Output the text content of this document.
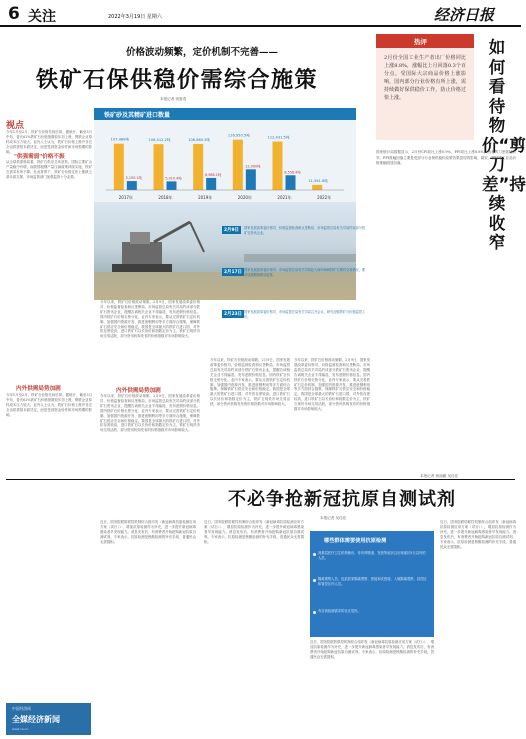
6 关注	2022年3月19日 星期六	经济日报
价格波动频繁，定价机制不完善——
铁矿石保供稳价需综合施策
本报记者 祝惠春
视点
今年1月至2月，铁矿石价格先扬后抑。据统计，截至3月中旬，普氏62%铁矿石价格指数较年初上涨，钢铁企业原料成本压力较大。业内人士认为，铁矿石价格上涨并非完全由供需基本面决定，而是受到资金炒作和市场预期的影响。
"供强需弱"价格不振
从全球供需格局看，铁矿石供应总体宽松。国际主要矿山产量稳中有增，而我国粗钢产量压减政策持续实施，铁矿石需求有所下降。在此背景下，铁矿石价格过快上涨缺乏基本面支撑，市场监管部门加强监管十分必要。
内外供需局势加剧
今年1月至2月，铁矿石价格先扬后抑。据统计，截至3月中旬，普氏62%铁矿石价格指数较年初上涨，钢铁企业原料成本压力较大。业内人士认为，铁矿石价格上涨并非完全由供需基本面决定，而是受到资金炒作和市场预期的影响。
铁矿砂及其精矿进口数量
107,469吨
5,190.1吨
2017年
106,412.2吨
5,010.4吨
2018年
106,865.5吨
6,986.1吨
2019年
116,950.5吨
12,000吨
2020年
112,431.5吨
8,556.4吨
2021年
11,941.6吨
2022年
2月9日	国家发展改革委价格司、价格监督检查和反垄断局、市场监管总局有关司局约谈部分铁矿石资讯企业。
2月17日 国家发展改革委价格司、市场监管总局有关司局赴大商所调研铁矿石期货交易情况，要求加强期现联动监管。
2月23日 国家发展改革委价格司、市场监管总局有关司局召开会议，研究加强铁矿石价格监管工作。
今年以来，铁矿石价格波动频繁。2月9日，国家发展改革委价格司、价格监督检查和反垄断局、市场监管总局有关司局约谈部分铁矿石资讯企业，提醒告诫相关企业不得编造、发布虚假价格信息。国内铁矿石价格走势分化，业内专家表示，要从完善铁矿石定价机制、加强国内资源开发、推进废钢利用等多方面综合施策，保障铁矿石供应安全和价格稳定。我国是全球最大的铁矿石进口国，对外依存度较高，进口铁矿石以长协价和指数定价为主，铁矿石现货市场交易活跃，部分资讯机构发布的价格指数对市场影响较大。
内外供需局势加剧
今年以来，铁矿石价格波动频繁。2月9日，国家发展改革委价格司、价格监督检查和反垄断局、市场监管总局有关司局约谈部分铁矿石资讯企业，提醒告诫相关企业不得编造、发布虚假价格信息。国内铁矿石价格走势分化，业内专家表示，要从完善铁矿石定价机制、加强国内资源开发、推进废钢利用等多方面综合施策，保障铁矿石供应安全和价格稳定。我国是全球最大的铁矿石进口国，对外依存度较高，进口铁矿石以长协价和指数定价为主，铁矿石现货市场交易活跃，部分资讯机构发布的价格指数对市场影响较大。
今年以来，铁矿石价格波动频繁。2月9日，国家发展改革委价格司、价格监督检查和反垄断局、市场监管总局有关司局约谈部分铁矿石资讯企业，提醒告诫相关企业不得编造、发布虚假价格信息。国内铁矿石价格走势分化，业内专家表示，要从完善铁矿石定价机制、加强国内资源开发、推进废钢利用等多方面综合施策，保障铁矿石供应安全和价格稳定。我国是全球最大的铁矿石进口国，对外依存度较高，进口铁矿石以长协价和指数定价为主，铁矿石现货市场交易活跃，部分资讯机构发布的价格指数对市场影响较大。
今年以来，铁矿石价格波动频繁。2月9日，国家发展改革委价格司、价格监督检查和反垄断局、市场监管总局有关司局约谈部分铁矿石资讯企业，提醒告诫相关企业不得编造、发布虚假价格信息。国内铁矿石价格走势分化，业内专家表示，要从完善铁矿石定价机制、加强国内资源开发、推进废钢利用等多方面综合施策，保障铁矿石供应安全和价格稳定。我国是全球最大的铁矿石进口国，对外依存度较高，进口铁矿石以长协价和指数定价为主，铁矿石现货市场交易活跃，部分资讯机构发布的价格指数对市场影响较大。
热评
2月份全国工业生产者出厂价格同比上涨8.8%，涨幅比上月回落0.3个百分点。受国际大宗商品价格上涨影响，国内部分行业价格有所上涨，需持续做好保供稳价工作，防止价格过快上涨。
如何看待物价“剪刀差”持续收窄
国家统计局数据显示，2月份CPI同比上涨0.9%，PPI同比上涨8.8%，两者剪刀差继续收窄。PPI涨幅回落主要是受部分行业保供稳价政策效果显现的影响，煤炭、钢材等工业品价格涨幅明显回落。
本报记者 林丽鹂 吴佳佳
不必争抢新冠抗原自测试剂
本报记者 吴佳佳
近日，国务院联防联控机制综合组印发《新冠病毒抗原检测应用方案（试行）》，增加抗原检测作为补充，进一步提升新冠病毒感染者早发现能力。消息发布后，有消费者开始抢购新冠抗原自测试剂。专家表示，抗原检测是核酸检测的补充手段，普通民众无需囤积。
近日，国务院联防联控机制综合组印发《新冠病毒抗原检测应用方案（试行）》，增加抗原检测作为补充，进一步提升新冠病毒感染者早发现能力。消息发布后，有消费者开始抢购新冠抗原自测试剂。专家表示，抗原检测是核酸检测的补充手段，普通民众无需囤积。
近日，国务院联防联控机制综合组印发《新冠病毒抗原检测应用方案（试行）》，增加抗原检测作为补充，进一步提升新冠病毒感染者早发现能力。消息发布后，有消费者开始抢购新冠抗原自测试剂。专家表示，抗原检测是核酸检测的补充手段，普通民众无需囤积。
近日，国务院联防联控机制综合组印发《新冠病毒抗原检测应用方案（试行）》，增加抗原检测作为补充，进一步提升新冠病毒感染者早发现能力。消息发布后，有消费者开始抢购新冠抗原自测试剂。专家表示，抗原检测是核酸检测的补充手段，普通民众无需囤积。
哪些群体需要使用抗原检测
到基层医疗卫生机构就诊，伴有呼吸道、发热等症状且出现症状5天以内的人员。
隔离观察人员，包括居家隔离观察、密接和次密接、入境隔离观察、封控区和管控区内人员。
有自我检测需求的社区居民。
中国经济网
全媒经济新闻
www.ce.cn
